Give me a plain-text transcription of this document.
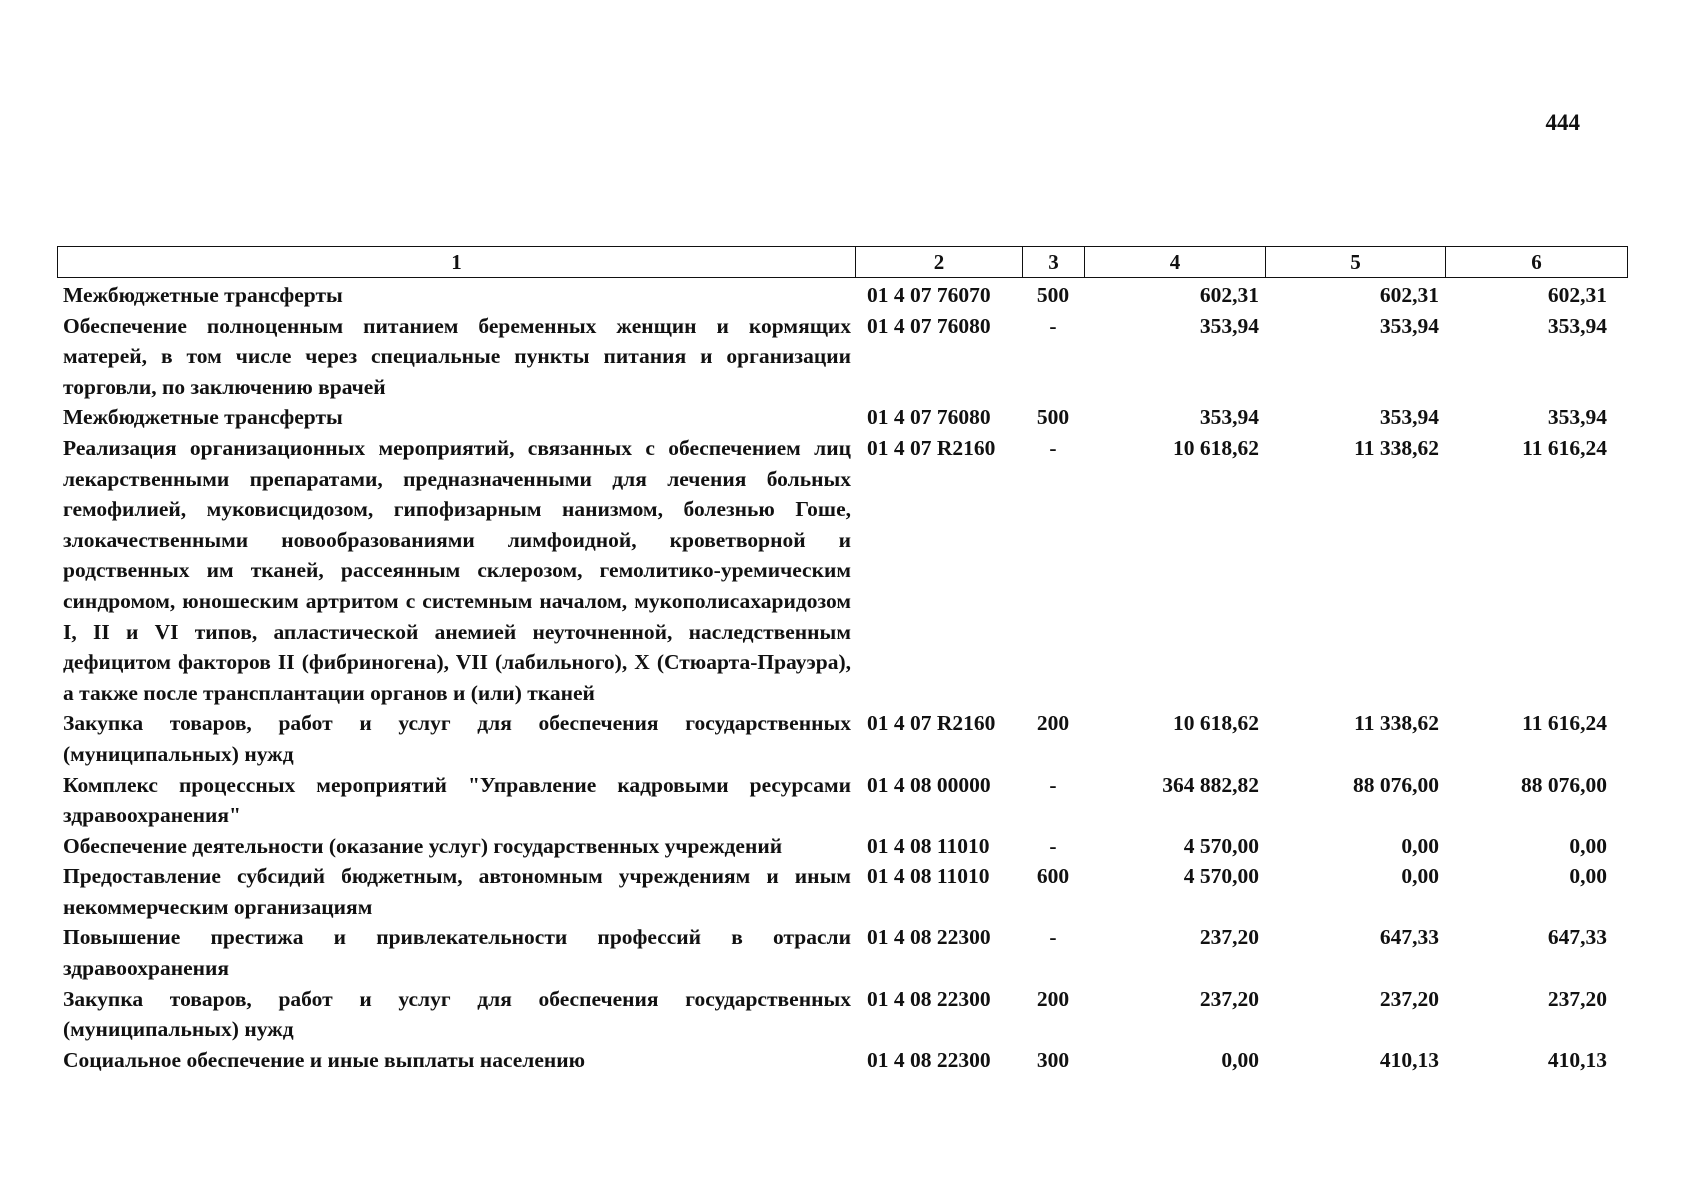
444
1	2	3	4	5	6
Межбюджетные трансферты	01 4 07 76070	500	602,31	602,31	602,31
Обеспечение полноценным питанием беременных женщин и кормящих матерей, в том числе через специальные пункты питания и организации торговли, по заключению врачей	01 4 07 76080	-	353,94	353,94	353,94
Межбюджетные трансферты	01 4 07 76080	500	353,94	353,94	353,94
Реализация организационных мероприятий, связанных с обеспечением лиц лекарственными препаратами, предназначенными для лечения больных гемофилией, муковисцидозом, гипофизарным нанизмом, болезнью Гоше, злокачественными новообразованиями лимфоидной, кроветворной и родственных им тканей, рассеянным склерозом, гемолитико-уремическим синдромом, юношеским артритом с системным началом, мукополисахаридозом I, II и VI типов, апластической анемией неуточненной, наследственным дефицитом факторов II (фибриногена), VII (лабильного), X (Стюарта-Прауэра), а также после трансплантации органов и (или) тканей	01 4 07 R2160	-	10 618,62	11 338,62	11 616,24
Закупка товаров, работ и услуг для обеспечения государственных (муниципальных) нужд	01 4 07 R2160	200	10 618,62	11 338,62	11 616,24
Комплекс процессных мероприятий "Управление кадровыми ресурсами здравоохранения"	01 4 08 00000	-	364 882,82	88 076,00	88 076,00
Обеспечение деятельности (оказание услуг) государственных учреждений	01 4 08 11010	-	4 570,00	0,00	0,00
Предоставление субсидий бюджетным, автономным учреждениям и иным некоммерческим организациям	01 4 08 11010	600	4 570,00	0,00	0,00
Повышение престижа и привлекательности профессий в отрасли здравоохранения	01 4 08 22300	-	237,20	647,33	647,33
Закупка товаров, работ и услуг для обеспечения государственных (муниципальных) нужд	01 4 08 22300	200	237,20	237,20	237,20
Социальное обеспечение и иные выплаты населению	01 4 08 22300	300	0,00	410,13	410,13
